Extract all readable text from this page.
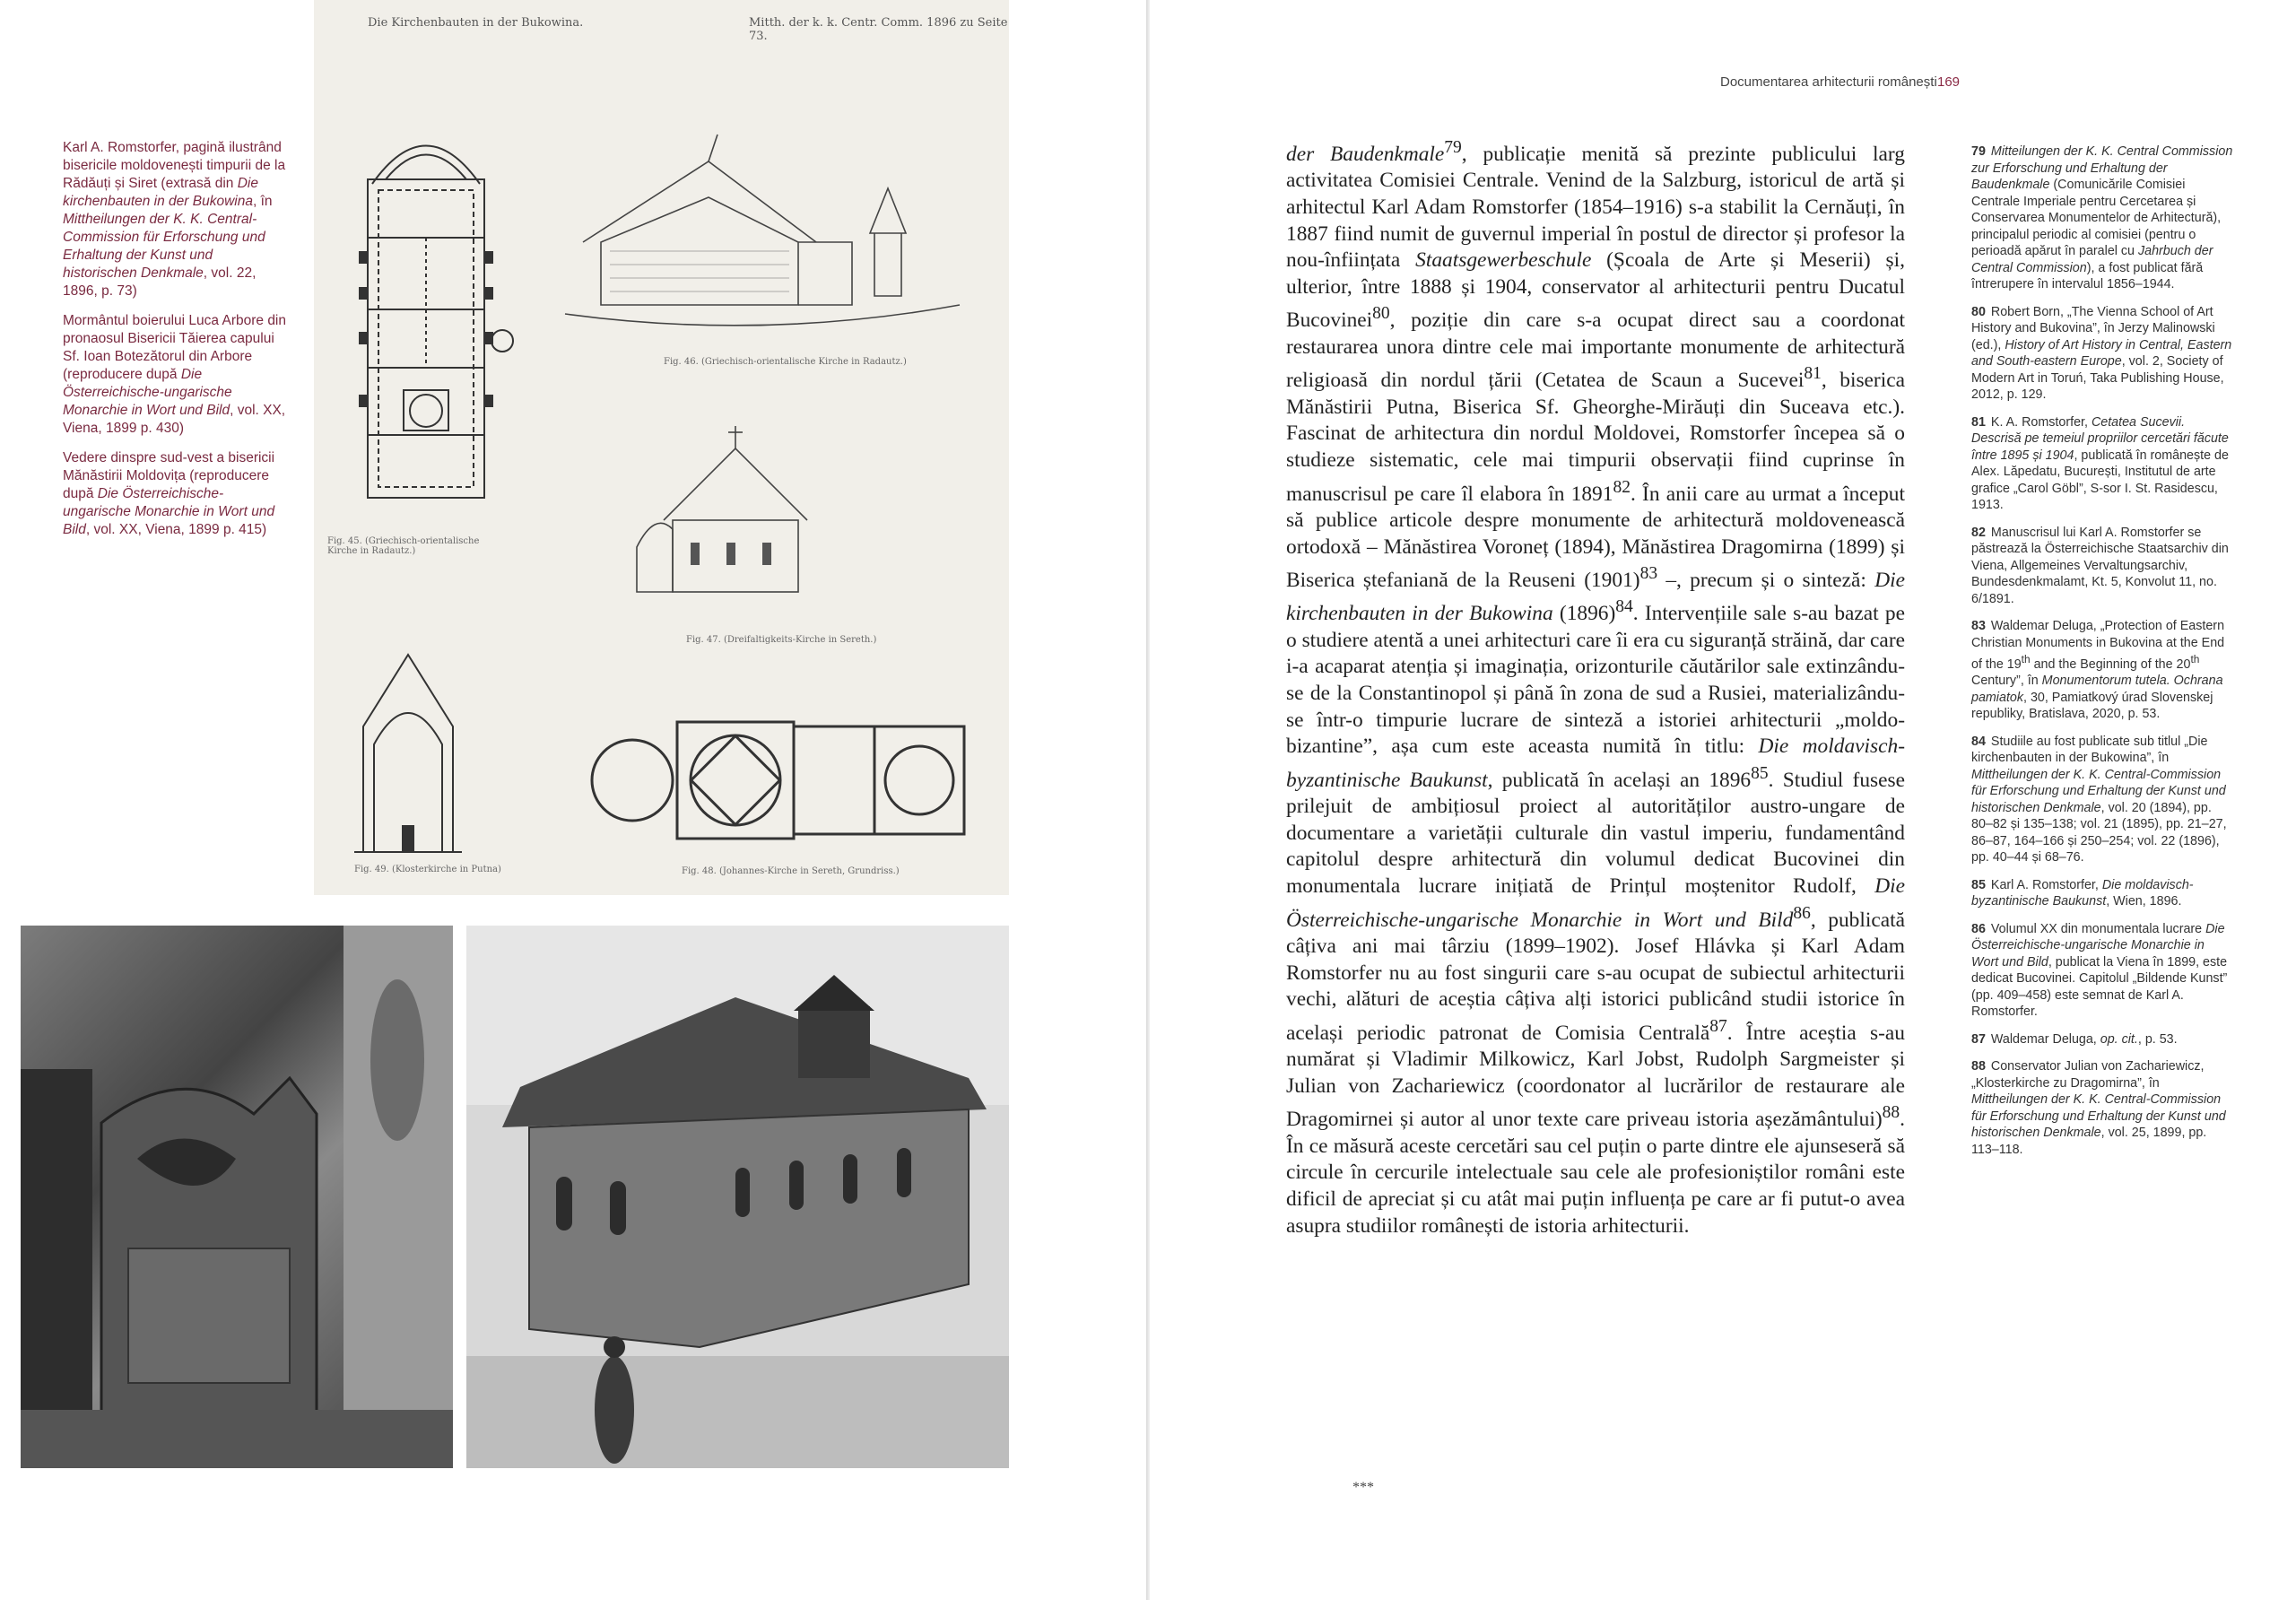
Karl A. Romstorfer, pagină ilustrând bisericile moldovenești timpurii de la Rădăuți și Siret (extrasă din Die kirchenbauten in der Bukowina, în Mittheilungen der K. K. Central-Commission für Erforschung und Erhaltung der Kunst und historischen Denkmale, vol. 22, 1896, p. 73)

Mormântul boierului Luca Arbore din pronaosul Bisericii Tăierea capului Sf. Ioan Botezătorul din Arbore (reproducere după Die Österreichische-ungarische Monarchie in Wort und Bild, vol. XX, Viena, 1899 p. 430)

Vedere dinspre sud-vest a bisericii Mănăstirii Moldovița (reproducere după Die Österreichische-ungarische Monarchie in Wort und Bild, vol. XX, Viena, 1899 p. 415)

Die Kirchenbauten in der Bukowina.	Mitth. der k. k. Centr. Comm. 1896 zu Seite 73.
Fig. 45. (Griechisch-orientalische Kirche in Radautz.)
Fig. 46. (Griechisch-orientalische Kirche in Radautz.)
Fig. 47. (Dreifaltigkeits-Kirche in Sereth.)
Fig. 49. (Klosterkirche in Putna)	Fig. 48. (Johannes-Kirche in Sereth, Grundriss.)
Documentarea arhitecturii românești 169

der Baudenkmale$^{79}$, publicație menită să prezinte publicului larg activitatea Comisiei Centrale. Venind de la Salzburg, istoricul de artă și arhitectul Karl Adam Romstorfer (1854–1916) s-a stabilit la Cernăuți, în 1887 fiind numit de guvernul imperial în postul de director și profesor la nou-înființata Staatsgewerbeschule (Școala de Arte și Meserii) și, ulterior, între 1888 și 1904, conservator al arhitecturii pentru Ducatul Bucovinei$^{80}$, poziție din care s-a ocupat direct sau a coordonat restaurarea unora dintre cele mai importante monumente de arhitectură religioasă din nordul țării (Cetatea de Scaun a Sucevei$^{81}$, biserica Mănăstirii Putna, Biserica Sf. Gheorghe-Mirăuți din Suceava etc.). Fascinat de arhitectura din nordul Moldovei, Romstorfer începea să o studieze sistematic, cele mai timpurii observații fiind cuprinse în manuscrisul pe care îl elabora în 1891$^{82}$. În anii care au urmat a început să publice articole despre monumente de arhitectură moldovenească ortodoxă – Mănăstirea Voroneț (1894), Mănăstirea Dragomirna (1899) și Biserica ștefaniană de la Reuseni $(1901)^{83}$ –, precum și o sinteză: Die kirchenbauten in der Bukowina $(1896)^{84}$. Intervențiile sale s-au bazat pe o studiere atentă a unei arhitecturi care îi era cu siguranță străină, dar care i-a acaparat atenția și imaginația, orizonturile căutărilor sale extinzându-se de la Constantinopol și până în zona de sud a Rusiei, materializându-se într-o timpurie lucrare de sinteză a istoriei arhitecturii „moldo-bizantine”, așa cum este aceasta numită în titlu: Die moldavisch-byzantinische Baukunst, publicată în același an 1896$^{85}$. Studiul fusese prilejuit de ambițiosul proiect al autorităților austro-ungare de documentare a varietății culturale din vastul imperiu, fundamentând capitolul despre arhitectură din volumul dedicat Bucovinei din monumentala lucrare inițiată de Prințul moștenitor Rudolf, Die Österreichische-ungarische Monarchie in Wort und Bild$^{86}$, publicată câțiva ani mai târziu (1899–1902). Josef Hlávka și Karl Adam Romstorfer nu au fost singurii care s-au ocupat de subiectul arhitecturii vechi, alături de aceștia câțiva alți istorici publicând studii istorice în același periodic patronat de Comisia Centrală$^{87}$. Între aceștia s-au numărat și Vladimir Milkowicz, Karl Jobst, Rudolph Sargmeister și Julian von Zachariewicz (coordonator al lucrărilor de restaurare ale Dragomirnei și autor al unor texte care priveau istoria așezământului)$^{88}$. În ce măsură aceste cercetări sau cel puțin o parte dintre ele ajunseseră să circule în cercurile intelectuale sau cele ale profesioniștilor români este dificil de apreciat și cu atât mai puțin influența pe care ar fi putut-o avea asupra studiilor românești de istoria arhitecturii.

79 Mitteilungen der K. K. Central Commission zur Erforschung und Erhaltung der Baudenkmale (Comunicările Comisiei Centrale Imperiale pentru Cercetarea și Conservarea Monumentelor de Arhitectură), principalul periodic al comisiei (pentru o perioadă apărut în paralel cu Jahrbuch der Central Commission), a fost publicat fără întrerupere în intervalul 1856–1944.
80 Robert Born, „The Vienna School of Art History and Bukovina”, în Jerzy Malinowski (ed.), History of Art History in Central, Eastern and South-eastern Europe, vol. 2, Society of Modern Art in Toruń, Taka Publishing House, 2012, p. 129.
81 K. A. Romstorfer, Cetatea Sucevii. Descrisă pe temeiul propriilor cercetări făcute între 1895 și 1904, publicată în românește de Alex. Lăpedatu, București, Institutul de arte grafice „Carol Göbl”, S-sor I. St. Rasidescu, 1913.
82 Manuscrisul lui Karl A. Romstorfer se păstrează la Österreichische Staatsarchiv din Viena, Allgemeines Vervaltungsarchiv, Bundesdenkmalamt, Kt. 5, Konvolut 11, no. 6/1891.
83 Waldemar Deluga, „Protection of Eastern Christian Monuments in Bukovina at the End of the 19th and the Beginning of the 20th Century”, în Monumentorum tutela. Ochrana pamiatok, 30, Pamiatkový úrad Slovenskej republiky, Bratislava, 2020, p. 53.
84 Studiile au fost publicate sub titlul „Die kirchenbauten in der Bukowina”, în Mittheilungen der K. K. Central-Commission für Erforschung und Erhaltung der Kunst und historischen Denkmale, vol. 20 (1894), pp. 80–82 și 135–138; vol. 21 (1895), pp. 21–27, 86–87, 164–166 și 250–254; vol. 22 (1896), pp. 40–44 și 68–76.
85 Karl A. Romstorfer, Die moldavisch-byzantinische Baukunst, Wien, 1896.
86 Volumul XX din monumentala lucrare Die Österreichische-ungarische Monarchie in Wort und Bild, publicat la Viena în 1899, este dedicat Bucovinei. Capitolul „Bildende Kunst” (pp. 409–458) este semnat de Karl A. Romstorfer.
87 Waldemar Deluga, op. cit., p. 53.
88 Conservator Julian von Zachariewicz, „Klosterkirche zu Dragomirna”, în Mittheilungen der K. K. Central-Commission für Erforschung und Erhaltung der Kunst und historischen Denkmale, vol. 25, 1899, pp. 113–118.
***
